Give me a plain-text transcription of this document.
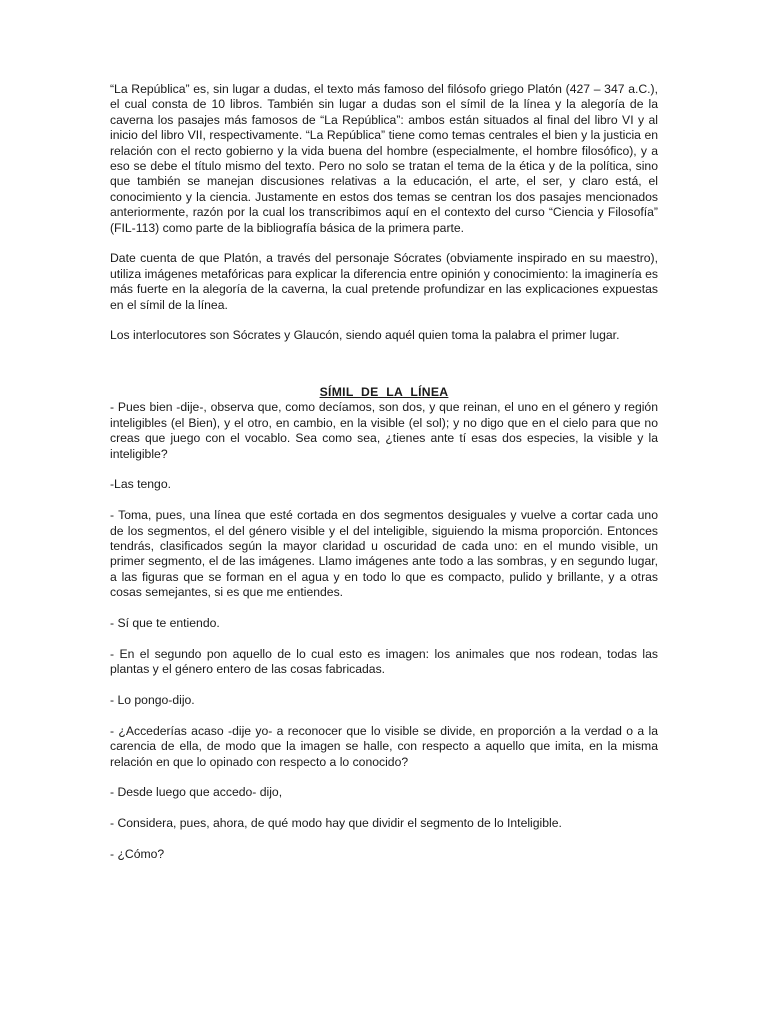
“La República” es, sin lugar a dudas, el texto más famoso del filósofo griego Platón (427 – 347 a.C.), el cual consta de 10 libros. También sin lugar a dudas son el símil de la línea y la alegoría de la caverna los pasajes más famosos de “La República”: ambos están situados al final del libro VI y al inicio del libro VII, respectivamente. “La República” tiene como temas centrales el bien y la justicia en relación con el recto gobierno y la vida buena del hombre (especialmente, el hombre filosófico), y a eso se debe el título mismo del texto. Pero no solo se tratan el tema de la ética y de la política, sino que también se manejan discusiones relativas a la educación, el arte, el ser, y claro está, el conocimiento y la ciencia. Justamente en estos dos temas se centran los dos pasajes mencionados anteriormente, razón por la cual los transcribimos aquí en el contexto del curso “Ciencia y Filosofía” (FIL-113) como parte de la bibliografía básica de la primera parte.

Date cuenta de que Platón, a través del personaje Sócrates (obviamente inspirado en su maestro), utiliza imágenes metafóricas para explicar la diferencia entre opinión y conocimiento: la imaginería es más fuerte en la alegoría de la caverna, la cual pretende profundizar en las explicaciones expuestas en el símil de la línea.

Los interlocutores son Sócrates y Glaucón, siendo aquél quien toma la palabra el primer lugar.

SÍMIL DE LA LÍNEA

- Pues bien -dije-, observa que, como decíamos, son dos, y que reinan, el uno en el género y región inteligibles (el Bien), y el otro, en cambio, en la visible (el sol); y no digo que en el cielo para que no creas que juego con el vocablo. Sea como sea, ¿tienes ante tí esas dos especies, la visible y la inteligible?

-Las tengo.

- Toma, pues, una línea que esté cortada en dos segmentos desiguales y vuelve a cortar cada uno de los segmentos, el del género visible y el del inteligible, siguiendo la misma proporción. Entonces tendrás, clasificados según la mayor claridad u oscuridad de cada uno: en el mundo visible, un primer segmento, el de las imágenes. Llamo imágenes ante todo a las sombras, y en segundo lugar, a las figuras que se forman en el agua y en todo lo que es compacto, pulido y brillante, y a otras cosas semejantes, si es que me entiendes.

- Sí que te entiendo.

- En el segundo pon aquello de lo cual esto es imagen: los animales que nos rodean, todas las plantas y el género entero de las cosas fabricadas.

- Lo pongo-dijo.

- ¿Accederías acaso -dije yo- a reconocer que lo visible se divide, en proporción a la verdad o a la carencia de ella, de modo que la imagen se halle, con respecto a aquello que imita, en la misma relación en que lo opinado con respecto a lo conocido?

- Desde luego que accedo- dijo,

- Considera, pues, ahora, de qué modo hay que dividir el segmento de lo Inteligible.

- ¿Cómo?
